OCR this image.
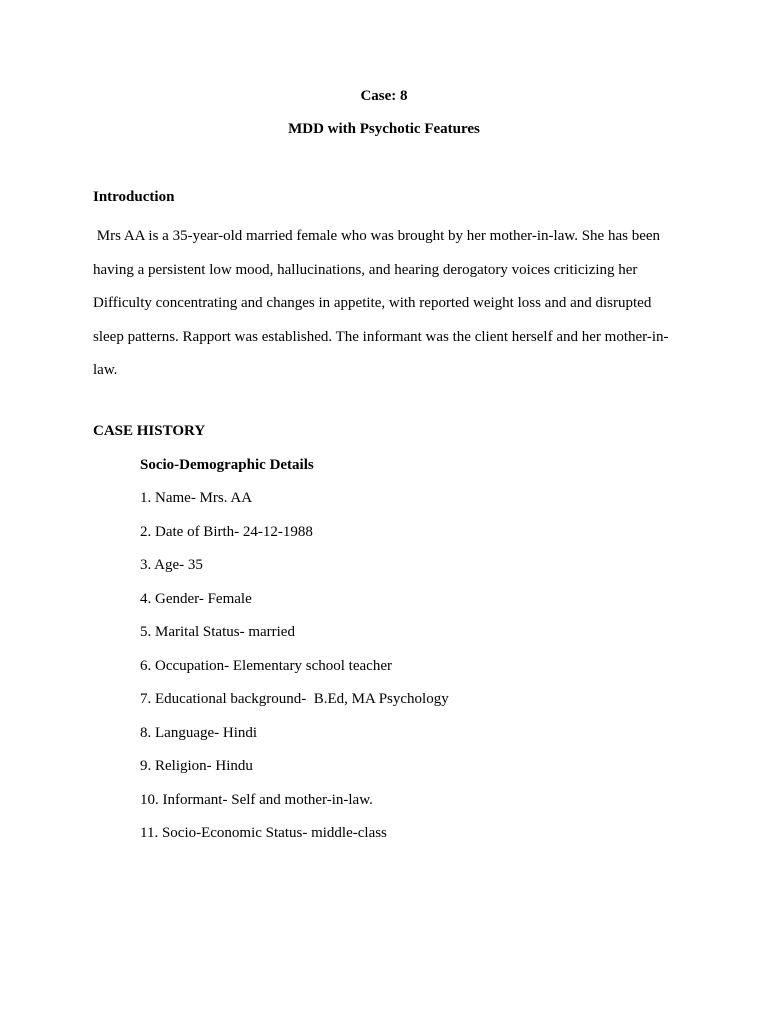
Case: 8
MDD with Psychotic Features
Introduction

Mrs AA is a 35-year-old married female who was brought by her mother-in-law. She has been having a persistent low mood, hallucinations, and hearing derogatory voices criticizing her Difficulty concentrating and changes in appetite, with reported weight loss and and disrupted sleep patterns. Rapport was established. The informant was the client herself and her mother-in-law.

CASE HISTORY
Socio-Demographic Details
1. Name- Mrs. AA
2. Date of Birth- 24-12-1988
3. Age- 35
4. Gender- Female
5. Marital Status- married
6. Occupation- Elementary school teacher
7. Educational background-  B.Ed, MA Psychology
8. Language- Hindi
9. Religion- Hindu
10. Informant- Self and mother-in-law.
11. Socio-Economic Status- middle-class
